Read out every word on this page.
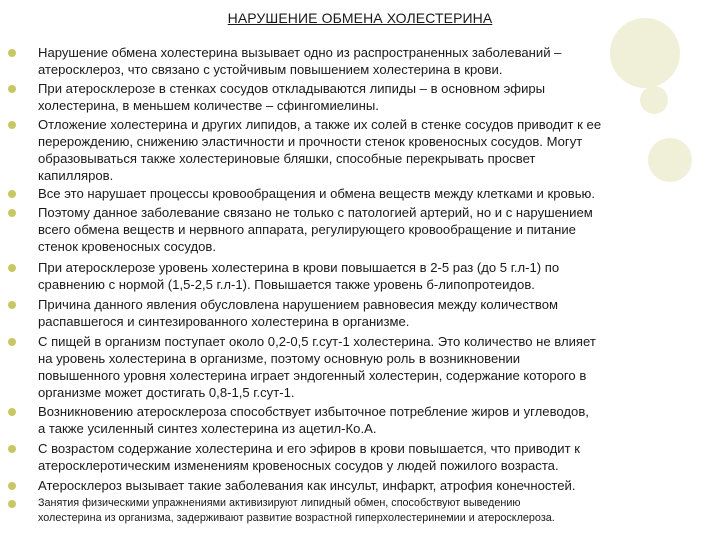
НАРУШЕНИЕ ОБМЕНА ХОЛЕСТЕРИНА
Нарушение обмена холестерина вызывает одно из распространенных заболеваний –
атеросклероз, что связано с устойчивым повышением холестерина в крови.
При атеросклерозе в стенках сосудов откладываются липиды – в основном эфиры
холестерина, в меньшем количестве – сфингомиелины.
Отложение холестерина и других липидов, а также их солей в стенке сосудов приводит к ее
перерождению, снижению эластичности и прочности стенок кровеносных сосудов. Могут
образовываться также холестериновые бляшки, способные перекрывать просвет
капилляров.
Все это нарушает процессы кровообращения и обмена веществ между клетками и кровью.
Поэтому данное заболевание связано не только с патологией артерий, но и с нарушением
всего обмена веществ и нервного аппарата, регулирующего кровообращение и питание
стенок кровеносных сосудов.
При атеросклерозе уровень холестерина в крови повышается в 2-5 раз (до 5 г.л-1) по
сравнению с нормой (1,5-2,5 г.л-1). Повышается также уровень б-липопротеидов.
Причина данного явления обусловлена нарушением равновесия между количеством
распавшегося и синтезированного холестерина в организме.
С пищей в организм поступает около 0,2-0,5 г.сут-1 холестерина. Это количество не влияет
на уровень холестерина в организме, поэтому основную роль в возникновении
повышенного уровня холестерина играет эндогенный холестерин, содержание которого в
организме может достигать 0,8-1,5 г.сут-1.
Возникновению атеросклероза способствует избыточное потребление жиров и углеводов,
а также усиленный синтез холестерина из ацетил-Ко.А.
С возрастом содержание холестерина и его эфиров в крови повышается, что приводит к
атеросклеротическим изменениям кровеносных сосудов у людей пожилого возраста.
Атеросклероз вызывает такие заболевания как инсульт, инфаркт, атрофия конечностей.
Занятия физическими упражнениями активизируют липидный обмен, способствуют выведению
холестерина из организма, задерживают развитие возрастной гиперхолестеринемии и атеросклероза.
